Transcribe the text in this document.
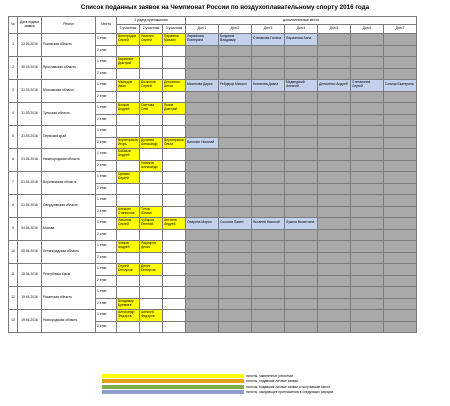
Список поданных заявок на Чемпионат России по воздухоплавательному спорту 2016 года
№	Дата подачи заявки	Регион	Места	1 раунд приглашения			дополнительные места						
				1 участник	2 участник	3 участник	Доп.1	Доп.2	Доп.3	Доп.4	Доп.5	Доп.6	Доп.7
1	23.03.2016	Псковская область	1 этап	Виноградов Сергей	Никитин Сергей	Ларионов Михаил	Ларионова Екатерина	Богданов Владимир	Степанова Галина	Ларионова Анна			
			2 этап										
2	30.03.2016	Ярославская область	1 этап	Карманов Дмитрий									
			2 этап										
3	31.03.2016	Московская область	1 этап	Мамедов Иван	Волконов Сергей	Денисенко Антон	Мазинова Дарья	Рейдерф Михаил	Кононова Диана	Медведский Алексей	Денисенко Андрей	Степаничев Сергей	Соница Екатерина
			2 этап										
4	31.03.2016	Тульская область	1 этап	Волков Андрей	Сметова Олег	Якнов Дмитрий							
			2 этап										
5	31.03.2016	Пермский край	1 этап										
			2 этап	Вертипрахов Игорь	Дуличев Александр	Вертипрахов Ольга	Вальнин Николай						
6	01.04.2016	Нижегородская область	1 этап	Бабаков Андрей									
			2 этап		Новиков Александр								
7	01.04.2016	Воронежская область	1 этап	Цинмин Сергей									
			2 этап										
8	01.04.2016	Свердловская область	1 этап										
			2 этап	Алексин Станислав	Титов Юлиан								
9	04.04.2016	Москва	1 этап	Латыпов Сергей	Чубаров Евгений	Антонов Андрей	Опарина Мария	Соколов Павел	Яковлев Николай	Лукина Валентина			
			2 этап										
10	05.04.2016	Ленинградская область	1 этап	Чевков Андрей	Радиоров Денис								
			2 этап										
11	15.04.2016	Республика Крым	1 этап	Сергей Белоусов	Денис Белоусов								
			2 этап										
12	19.04.2016	Рязанская область	1 этап										
			2 этап	Владимир Бремнев									
13	19.04.2016	Новгородская область	1 этап	Александр Федоров	Алексей Федоров								
			2 этап										
пилоты, заявленные регионом
пилоты, подавшие личные заявки
пилоты, подавшие личные заявки и получившие места
пилоты, ожидающие приглашения в следующих раундах
